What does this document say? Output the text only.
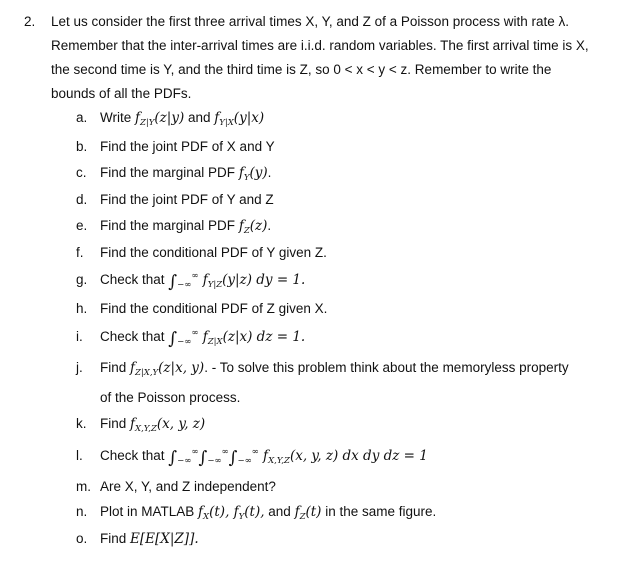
2. Let us consider the first three arrival times X, Y, and Z of a Poisson process with rate λ.
Remember that the inter-arrival times are i.i.d. random variables. The first arrival time is X,
the second time is Y, and the third time is Z, so 0 < x < y < z. Remember to write the
bounds of all the PDFs.
a. Write $f_{Z|Y}(z|y)$ and $f_{Y|X}(y|x)$
b. Find the joint PDF of X and Y
c. Find the marginal PDF $f_Y(y)$.
d. Find the joint PDF of Y and Z
e. Find the marginal PDF $f_Z(z)$.
f. Find the conditional PDF of Y given Z.
g. Check that $\int_{-\infty}^\infty$ $f_{Y|Z}(y|z)$ dy = 1.
h. Find the conditional PDF of Z given X.
i. Check that $\int_{-\infty}^\infty$ $f_{Z|X}(z|x)$ dz = 1.
j. Find $f_{Z|X,Y}(z|x$, y). - To solve this problem think about the memoryless property
of the Poisson process.
k. Find $f_{X,Y,Z}(x$, y, z)
l. Check that $\int_{-\infty}^\infty\int_{-\infty}^\infty\int_{-\infty}^\infty$ $f_{X,Y,Z}(x$, y, z) dx dy dz = 1
m. Are X, Y, and Z independent?
n. Plot in MATLAB $f_X(t)$, $f_Y(t)$, and $f_Z(t)$ in the same figure.
o. Find E[E[X|Z]].
